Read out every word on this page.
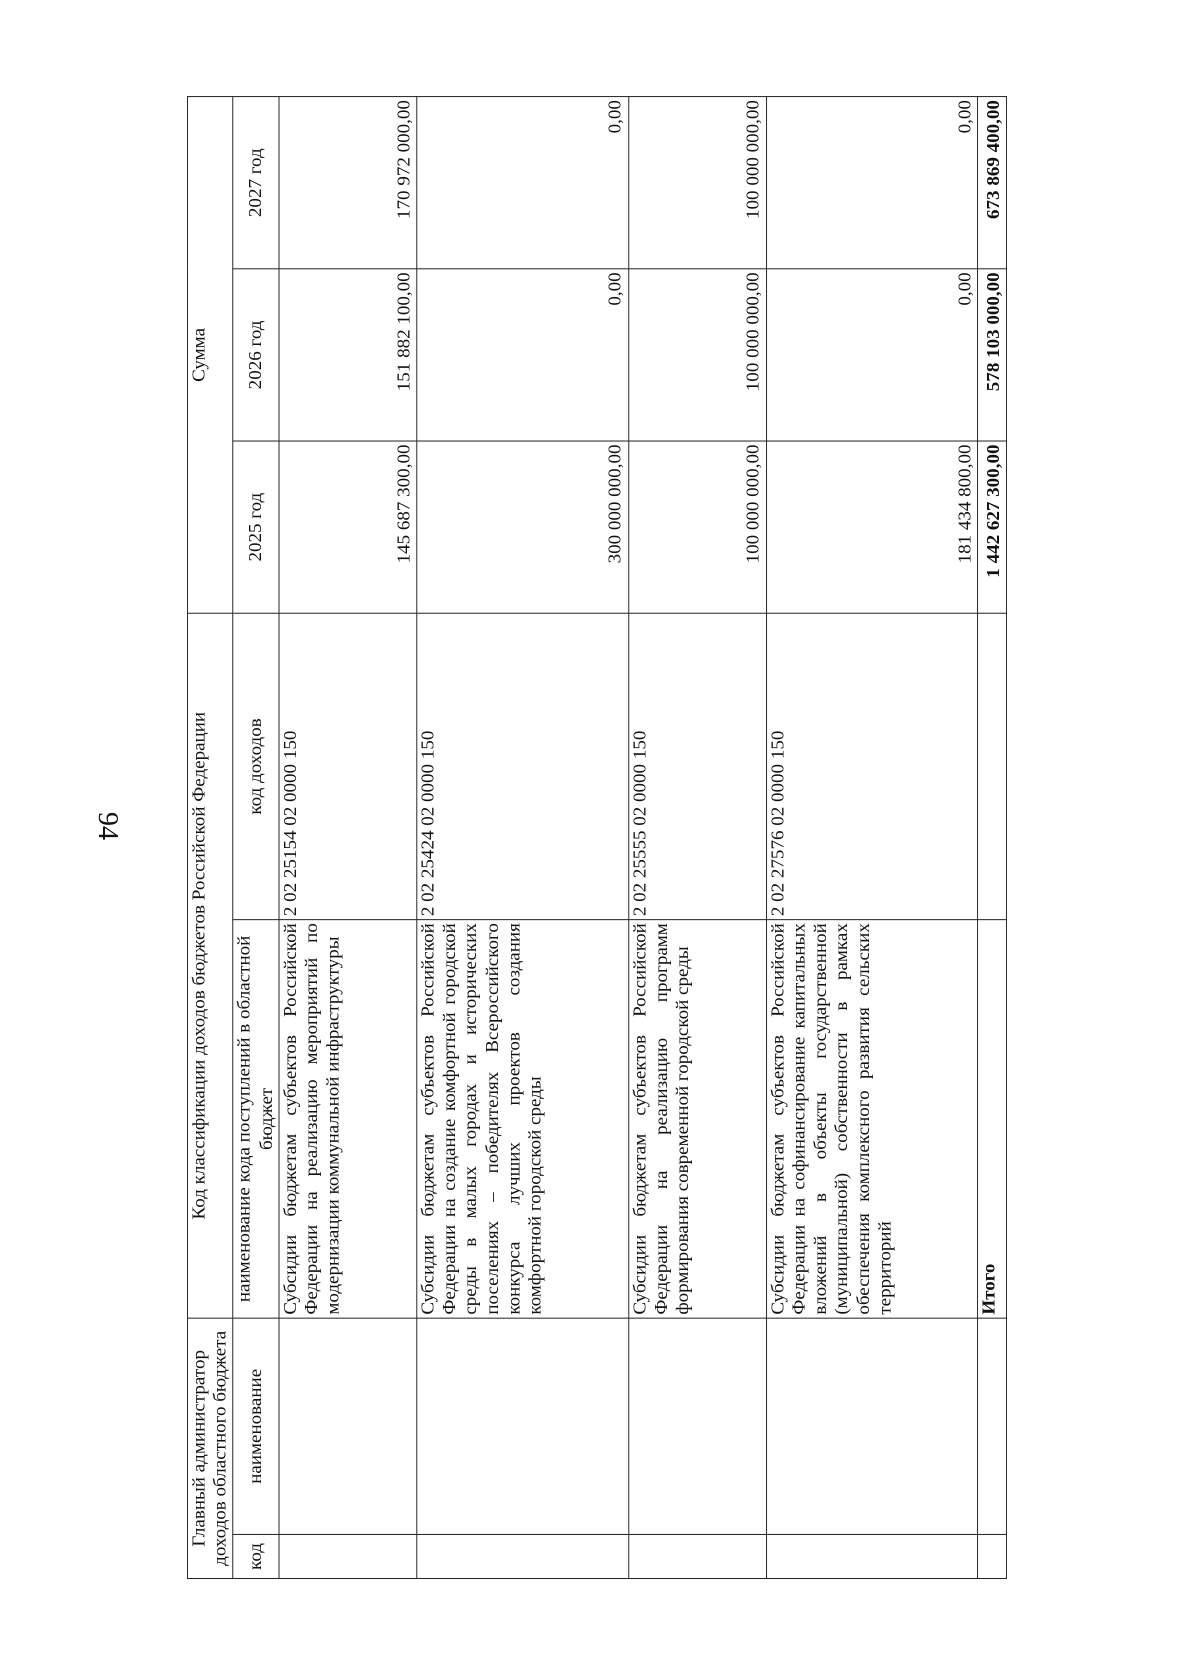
94
Главный администратор доходов областного бюджета		Код классификации доходов бюджетов Российской Федерации		Сумма		
код	наименование	наименование кода поступлений в областной бюджет	код доходов	2025 год	2026 год	2027 год
		Субсидии бюджетам субъектов Российской Федерации на реализацию мероприятий по модернизации коммунальной инфраструктуры	2 02 25154 02 0000 150	145 687 300,00	151 882 100,00	170 972 000,00
		Субсидии бюджетам субъектов Российской Федерации на создание комфортной городской среды в малых городах и исторических поселениях – победителях Всероссийского конкурса лучших проектов создания комфортной городской среды	2 02 25424 02 0000 150	300 000 000,00	0,00	0,00
		Субсидии бюджетам субъектов Российской Федерации на реализацию программ формирования современной городской среды	2 02 25555 02 0000 150	100 000 000,00	100 000 000,00	100 000 000,00
		Субсидии бюджетам субъектов Российской Федерации на софинансирование капитальных вложений в объекты государственной (муниципальной) собственности в рамках обеспечения комплексного развития сельских территорий	2 02 27576 02 0000 150	181 434 800,00	0,00	0,00
		Итого		1 442 627 300,00	578 103 000,00	673 869 400,00
